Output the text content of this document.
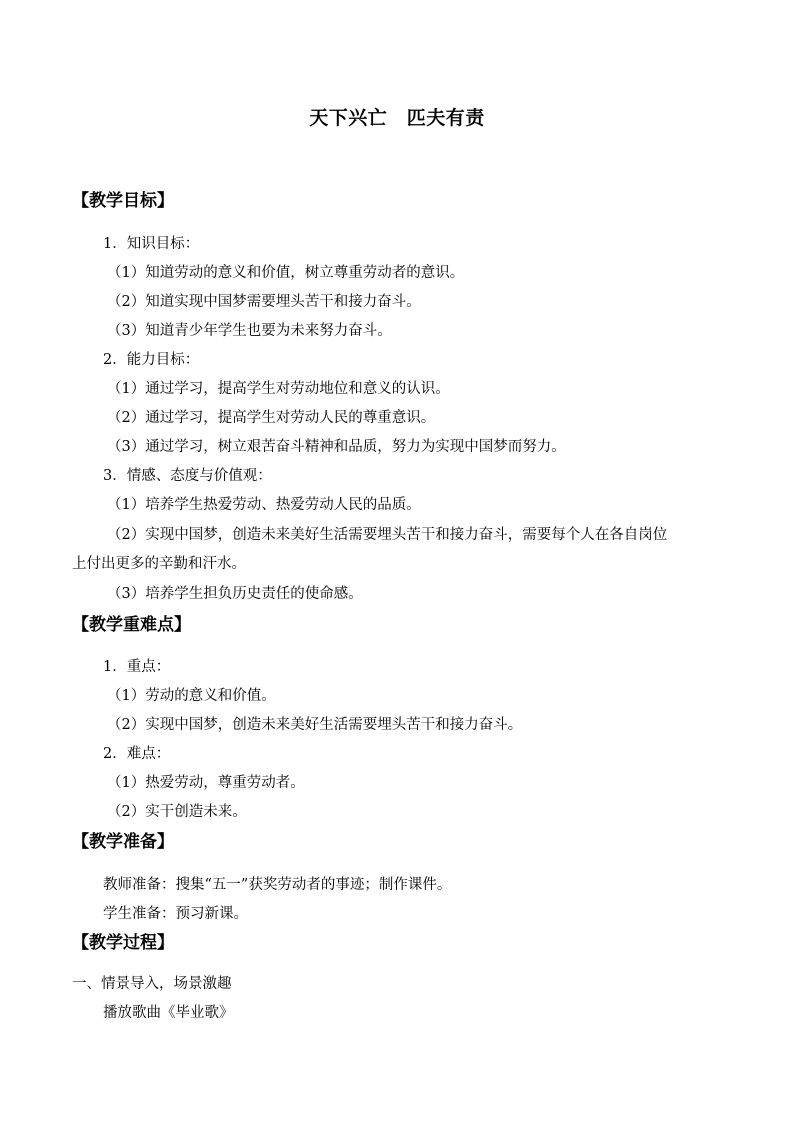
天下兴亡　匹夫有责
【教学目标】
1．知识目标：
（1）知道劳动的意义和价值，树立尊重劳动者的意识。
（2）知道实现中国梦需要埋头苦干和接力奋斗。
（3）知道青少年学生也要为未来努力奋斗。
2．能力目标：
（1）通过学习，提高学生对劳动地位和意义的认识。
（2）通过学习，提高学生对劳动人民的尊重意识。
（3）通过学习，树立艰苦奋斗精神和品质，努力为实现中国梦而努力。
3．情感、态度与价值观：
（1）培养学生热爱劳动、热爱劳动人民的品质。
（2）实现中国梦，创造未来美好生活需要埋头苦干和接力奋斗，需要每个人在各自岗位
上付出更多的辛勤和汗水。
（3）培养学生担负历史责任的使命感。
【教学重难点】
1．重点：
（1）劳动的意义和价值。
（2）实现中国梦，创造未来美好生活需要埋头苦干和接力奋斗。
2．难点：
（1）热爱劳动，尊重劳动者。
（2）实干创造未来。
【教学准备】
教师准备：搜集“五一”获奖劳动者的事迹；制作课件。
学生准备：预习新课。
【教学过程】
一、情景导入，场景激趣
播放歌曲《毕业歌》
